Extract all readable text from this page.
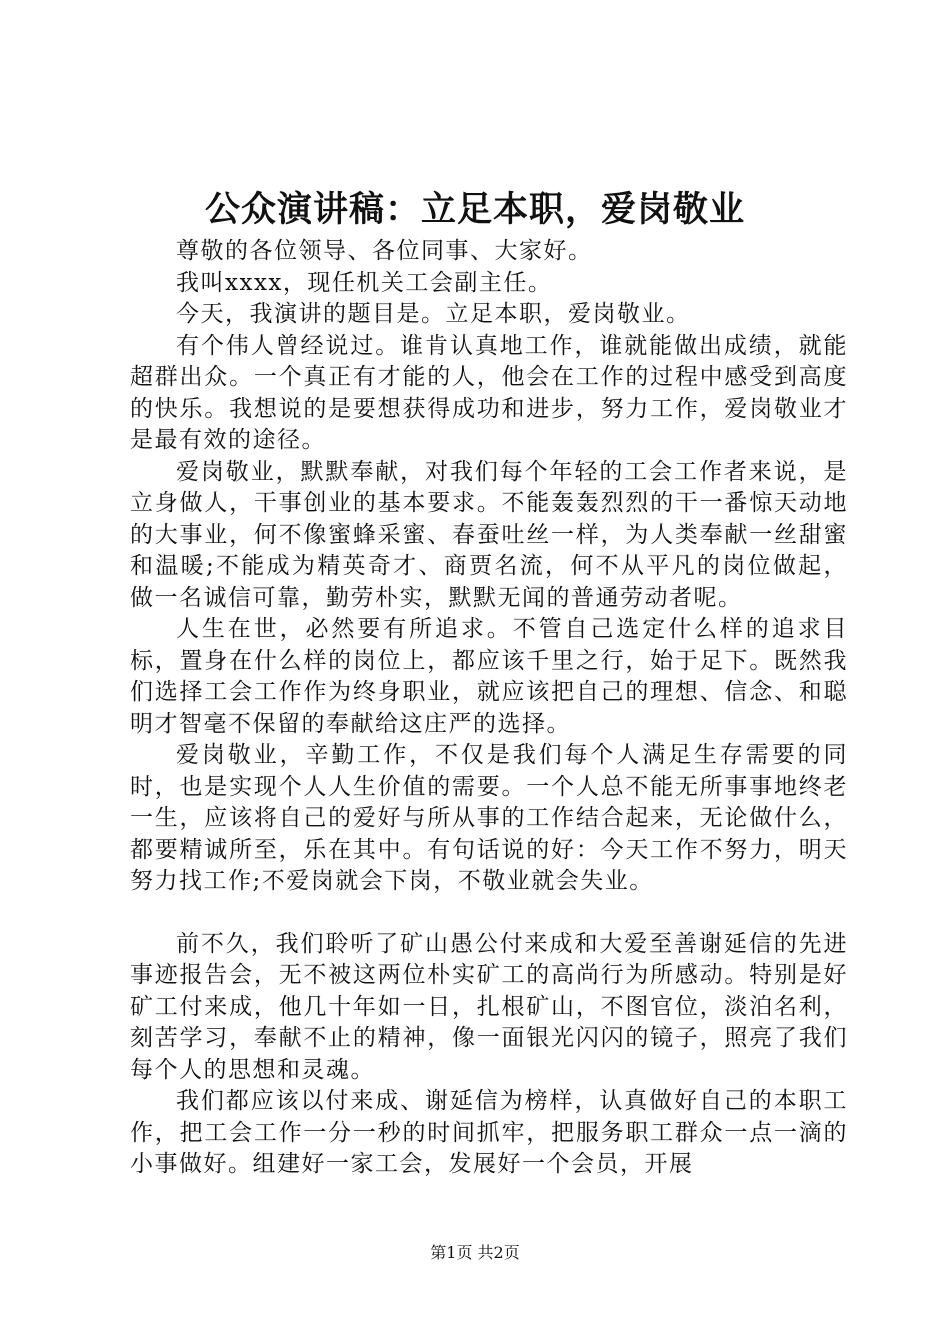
公众演讲稿：立足本职，爱岗敬业

尊敬的各位领导、各位同事、大家好。

我叫xxxx，现任机关工会副主任。

今天，我演讲的题目是。立足本职，爱岗敬业。

有个伟人曾经说过。谁肯认真地工作，谁就能做出成绩，就能超群出众。一个真正有才能的人，他会在工作的过程中感受到高度的快乐。我想说的是要想获得成功和进步，努力工作，爱岗敬业才是最有效的途径。

爱岗敬业，默默奉献，对我们每个年轻的工会工作者来说，是立身做人，干事创业的基本要求。不能轰轰烈烈的干一番惊天动地的大事业，何不像蜜蜂采蜜、春蚕吐丝一样，为人类奉献一丝甜蜜和温暖;不能成为精英奇才、商贾名流，何不从平凡的岗位做起，做一名诚信可靠，勤劳朴实，默默无闻的普通劳动者呢。

人生在世，必然要有所追求。不管自己选定什么样的追求目标，置身在什么样的岗位上，都应该千里之行，始于足下。既然我们选择工会工作作为终身职业，就应该把自己的理想、信念、和聪明才智毫不保留的奉献给这庄严的选择。

爱岗敬业，辛勤工作，不仅是我们每个人满足生存需要的同时，也是实现个人人生价值的需要。一个人总不能无所事事地终老一生，应该将自己的爱好与所从事的工作结合起来，无论做什么，都要精诚所至，乐在其中。有句话说的好：今天工作不努力，明天努力找工作;不爱岗就会下岗，不敬业就会失业。

前不久，我们聆听了矿山愚公付来成和大爱至善谢延信的先进事迹报告会，无不被这两位朴实矿工的高尚行为所感动。特别是好矿工付来成，他几十年如一日，扎根矿山，不图官位，淡泊名利，刻苦学习，奉献不止的精神，像一面银光闪闪的镜子，照亮了我们每个人的思想和灵魂。

我们都应该以付来成、谢延信为榜样，认真做好自己的本职工作，把工会工作一分一秒的时间抓牢，把服务职工群众一点一滴的小事做好。组建好一家工会，发展好一个会员，开展

第1页 共2页
